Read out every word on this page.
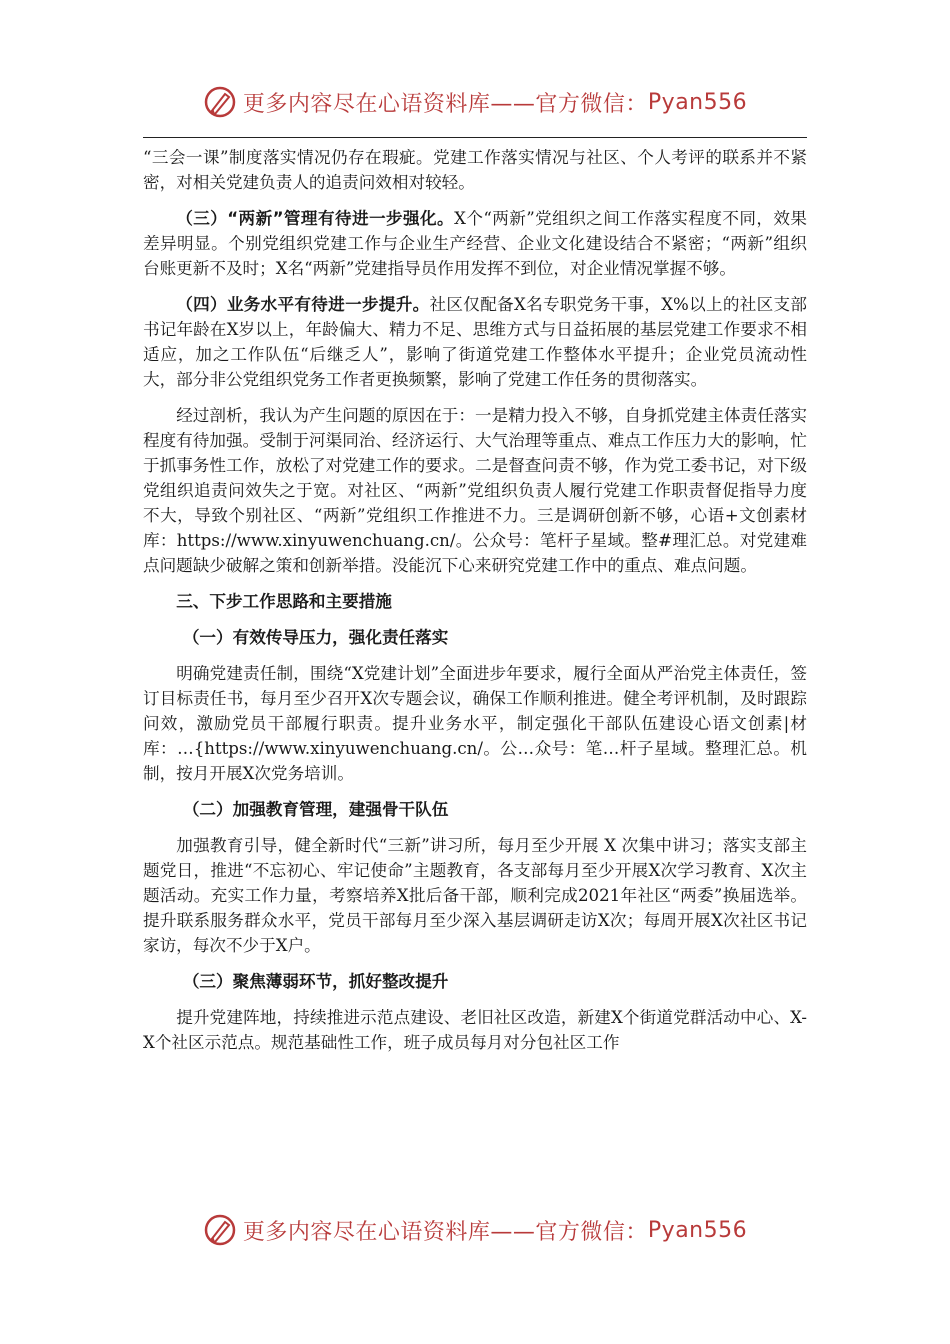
更多内容尽在心语资料库——官方微信： Pyan556

“三会一课”制度落实情况仍存在瑕疵。党建工作落实情况与社区、个人考评的联系并不紧密，对相关党建负责人的追责问效相对较轻。

（三）“两新”管理有待进一步强化。X个“两新”党组织之间工作落实程度不同，效果差异明显。个别党组织党建工作与企业生产经营、企业文化建设结合不紧密；“两新”组织台账更新不及时；X名“两新”党建指导员作用发挥不到位，对企业情况掌握不够。

（四）业务水平有待进一步提升。社区仅配备X名专职党务干事，X%以上的社区支部书记年龄在X岁以上，年龄偏大、精力不足、思维方式与日益拓展的基层党建工作要求不相适应，加之工作队伍“后继乏人”，影响了街道党建工作整体水平提升；企业党员流动性大，部分非公党组织党务工作者更换频繁，影响了党建工作任务的贯彻落实。

经过剖析，我认为产生问题的原因在于：一是精力投入不够，自身抓党建主体责任落实程度有待加强。受制于河渠同治、经济运行、大气治理等重点、难点工作压力大的影响，忙于抓事务性工作，放松了对党建工作的要求。二是督查问责不够，作为党工委书记，对下级党组织追责问效失之于宽。对社区、“两新”党组织负责人履行党建工作职责督促指导力度不大，导致个别社区、“两新”党组织工作推进不力。三是调研创新不够，心语+文创素材库：https://www.xinyuwenchuang.cn/。公众号：笔杆子星域。整#理汇总。对党建难点问题缺少破解之策和创新举措。没能沉下心来研究党建工作中的重点、难点问题。

三、下步工作思路和主要措施
（一）有效传导压力，强化责任落实

明确党建责任制，围绕“X党建计划”全面进步年要求，履行全面从严治党主体责任，签订目标责任书，每月至少召开X次专题会议，确保工作顺利推进。健全考评机制，及时跟踪问效，激励党员干部履行职责。提升业务水平，制定强化干部队伍建设心语文创素|材库：…{https://www.xinyuwenchuang.cn/。公…众号：笔…杆子星域。整理汇总。机制，按月开展X次党务培训。

（二）加强教育管理，建强骨干队伍

加强教育引导，健全新时代“三新”讲习所，每月至少开展 X 次集中讲习；落实支部主题党日，推进“不忘初心、牢记使命”主题教育，各支部每月至少开展X次学习教育、X次主题活动。充实工作力量，考察培养X批后备干部，顺利完成2021年社区“两委”换届选举。提升联系服务群众水平，党员干部每月至少深入基层调研走访X次；每周开展X次社区书记家访，每次不少于X户。

（三）聚焦薄弱环节，抓好整改提升

提升党建阵地，持续推进示范点建设、老旧社区改造，新建X个街道党群活动中心、X-X个社区示范点。规范基础性工作，班子成员每月对分包社区工作

更多内容尽在心语资料库——官方微信： Pyan556
